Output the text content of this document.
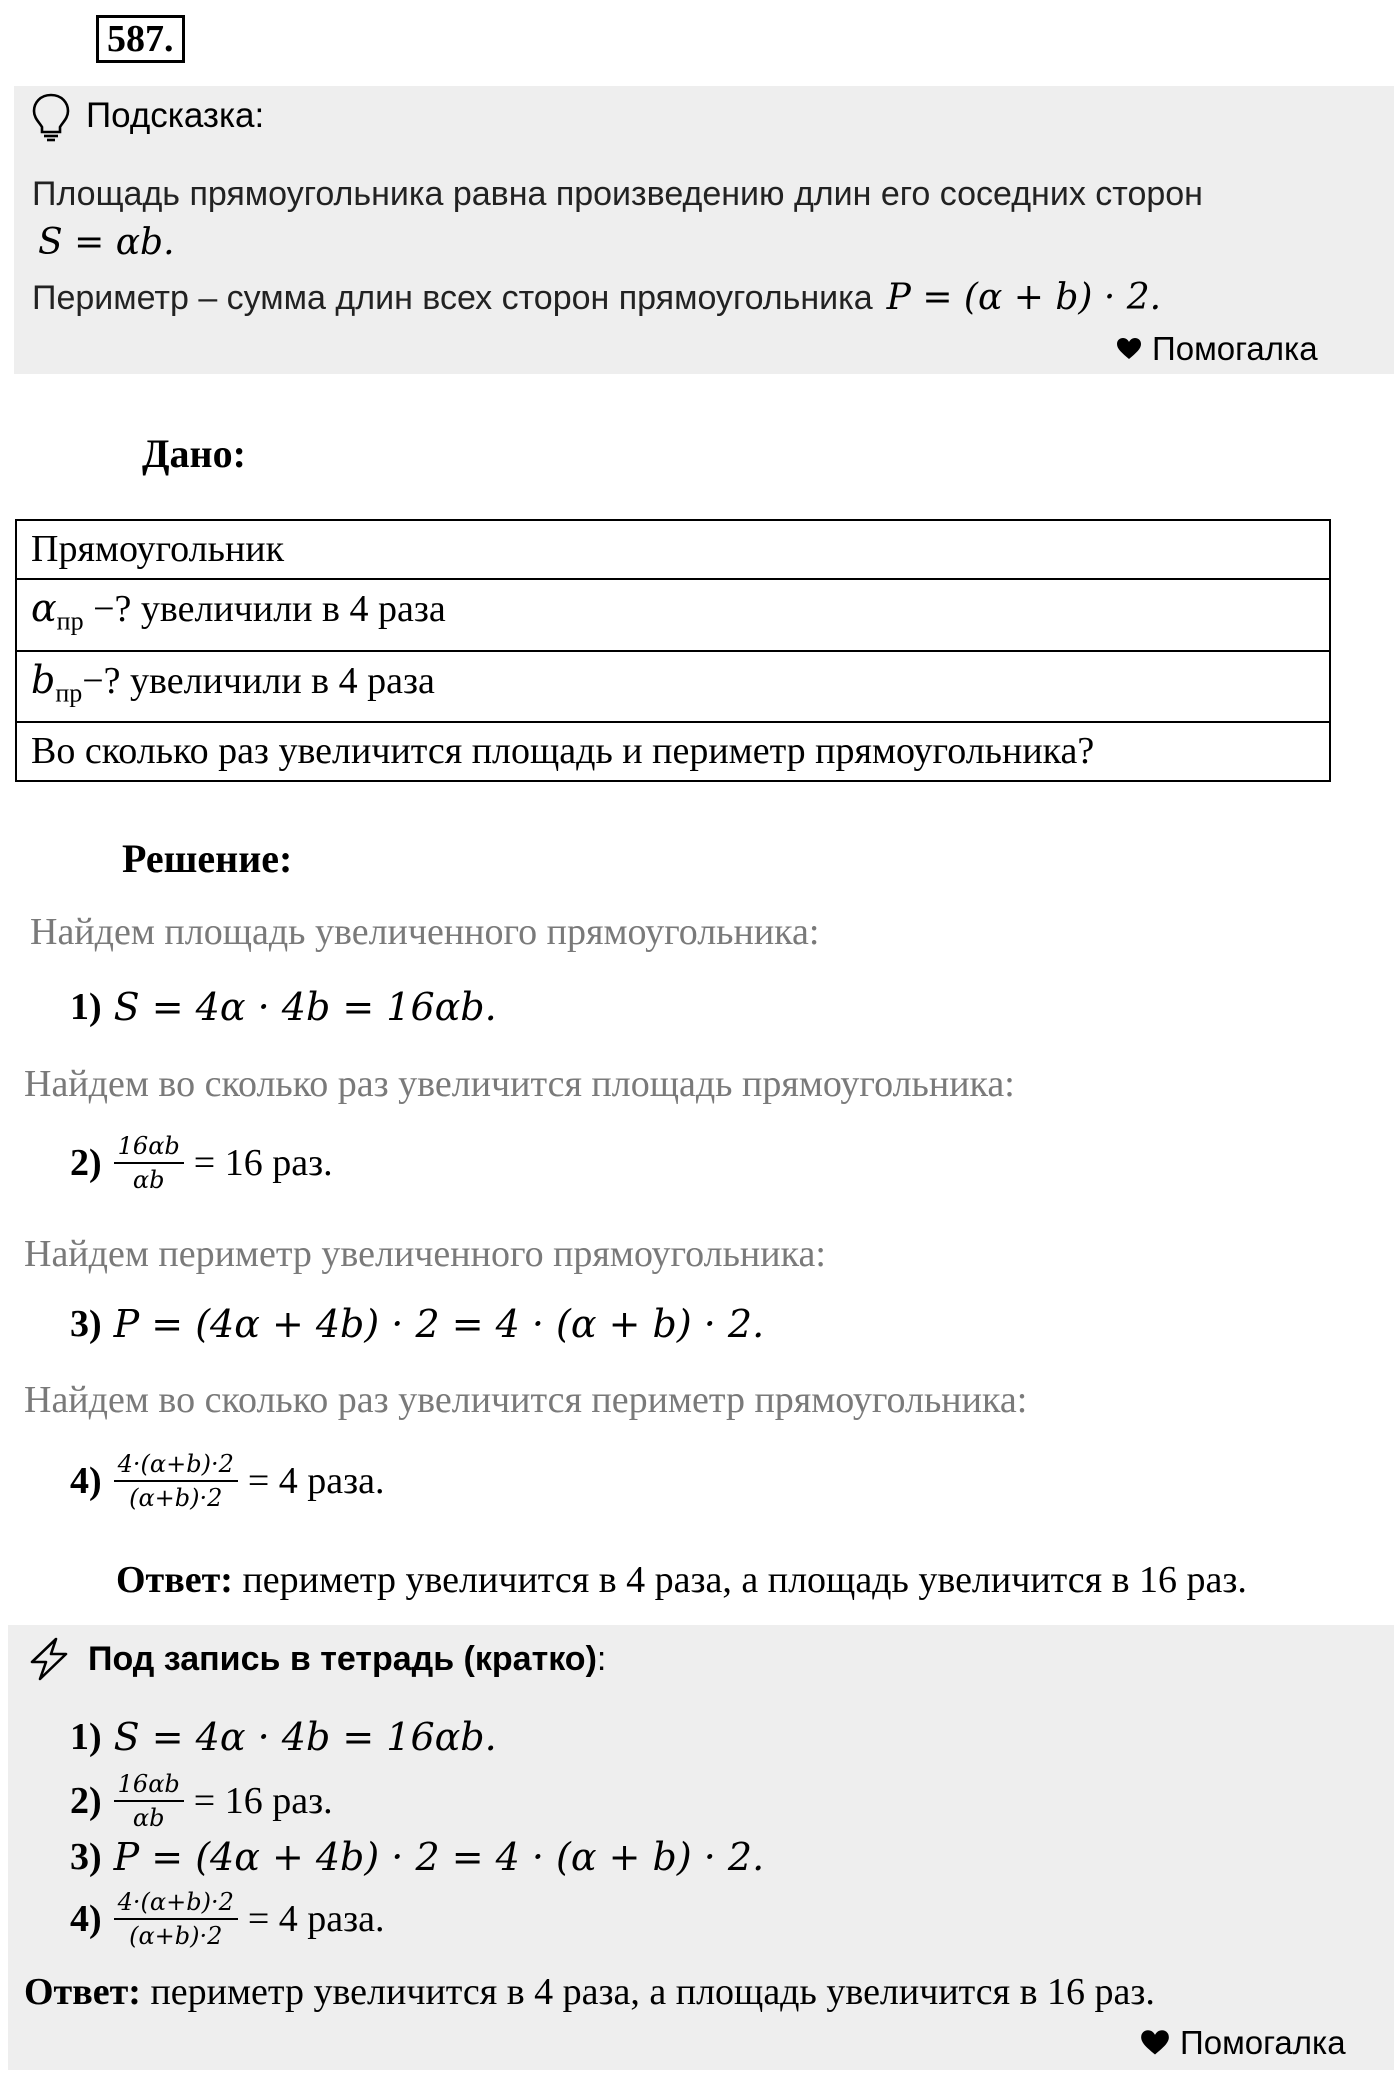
587.
Подсказка:
Площадь прямоугольника равна произведению длин его соседних сторон
S = αb.
Периметр – сумма длин всех сторон прямоугольника P = (α + b) · 2.
Помогалка
Дано:
Прямоугольник
$\alpha_{пр}$ −? увеличили в 4 раза
$b_{пр}-$? увеличили в 4 раза
Во сколько раз увеличится площадь и периметр прямоугольника?
Решение:
Найдем площадь увеличенного прямоугольника:
1) S = 4α · 4b = 16αb.
Найдем во сколько раз увеличится площадь прямоугольника:
$2) \frac{16\alpha b}{\alpha b} = 16$ раз.
Найдем периметр увеличенного прямоугольника:
3) P = (4α + 4b) · 2 = 4 · (α + b) · 2.
Найдем во сколько раз увеличится периметр прямоугольника:
$4) \frac{4\cdot(\alpha+b)\cdot 2}{(\alpha+b)\cdot 2} = 4$ раза.
Ответ: периметр увеличится в 4 раза, а площадь увеличится в 16 раз.
Под запись в тетрадь (кратко):
1) S = 4α · 4b = 16αb.
$2) \frac{16\alpha b}{\alpha b} = 16$ раз.
3) P = (4α + 4b) · 2 = 4 · (α + b) · 2.
$4) \frac{4\cdot(\alpha+b)\cdot 2}{(\alpha+b)\cdot 2} = 4$ раза.
Ответ: периметр увеличится в 4 раза, а площадь увеличится в 16 раз.
Помогалка
